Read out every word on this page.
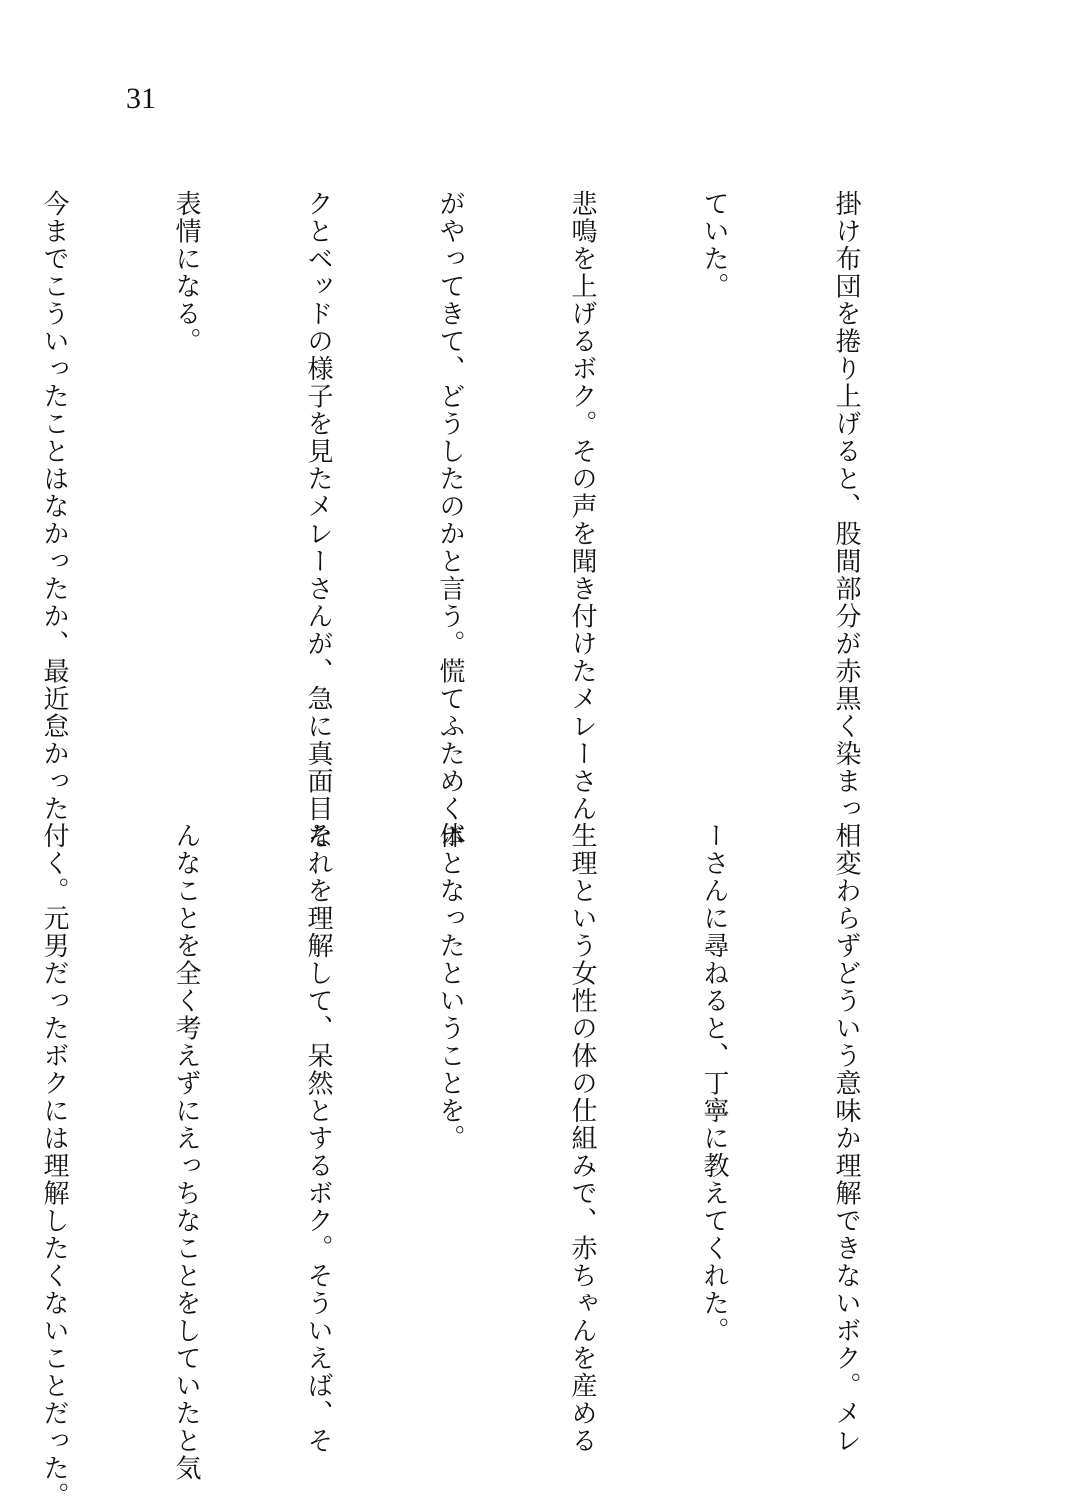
31

掛け布団を捲り上げると、股間部分が赤黒く染まっ

ていた。

悲鳴を上げるボク。その声を聞き付けたメレーさん

がやってきて、どうしたのかと言う。慌てふためくボ

クとベッドの様子を見たメレーさんが、急に真面目な

表情になる。

今までこういったことはなかったか、最近怠かった

相変わらずどういう意味か理解できないボク。メレ

ーさんに尋ねると、丁寧に教えてくれた。

生理という女性の体の仕組みで、赤ちゃんを産める

体となったということを。

それを理解して、呆然とするボク。そういえば、そ

んなことを全く考えずにえっちなことをしていたと気

付く。元男だったボクには理解したくないことだった。
